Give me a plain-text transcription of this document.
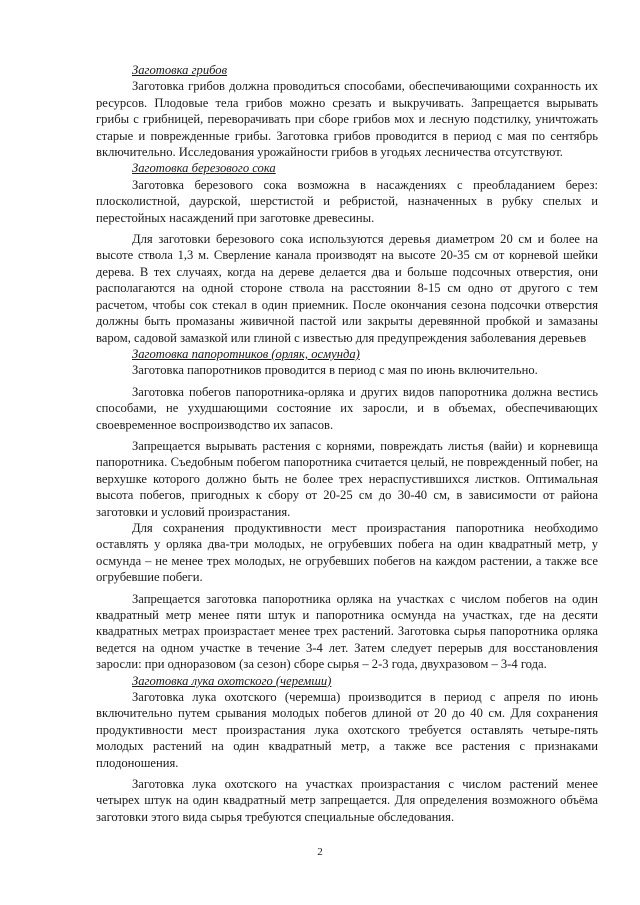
Заготовка грибов

Заготовка грибов должна проводиться способами, обеспечивающими сохранность их ресурсов. Плодовые тела грибов можно срезать и выкручивать. Запрещается вырывать грибы с грибницей, переворачивать при сборе грибов мох и лесную подстилку, уничтожать старые и поврежденные грибы. Заготовка грибов проводится в период с мая по сентябрь включительно. Исследования урожайности грибов в угодьях лесничества отсутствуют.

Заготовка березового сока

Заготовка березового сока возможна в насаждениях с преобладанием берез: плосколистной, даурской, шерстистой и ребристой, назначенных в рубку спелых и перестойных насаждений при заготовке древесины.

Для заготовки березового сока используются деревья диаметром 20 см и более на высоте ствола 1,3 м. Сверление канала производят на высоте 20-35 см от корневой шейки дерева. В тех случаях, когда на дереве делается два и больше подсочных отверстия, они располагаются на одной стороне ствола на расстоянии 8-15 см одно от другого с тем расчетом, чтобы сок стекал в один приемник. После окончания сезона подсочки отверстия должны быть промазаны живичной пастой или закрыты деревянной пробкой и замазаны варом, садовой замазкой или глиной с известью для предупреждения заболевания деревьев

Заготовка папоротников (орляк, осмунда)

Заготовка папоротников проводится в период с мая по июнь включительно.

Заготовка побегов папоротника-орляка и других видов папоротника должна вестись способами, не ухудшающими состояние их заросли, и в объемах, обеспечивающих своевременное воспроизводство их запасов.

Запрещается вырывать растения с корнями, повреждать листья (вайи) и корневища папоротника. Съедобным побегом папоротника считается целый, не поврежденный побег, на верхушке которого должно быть не более трех нераспустившихся листков. Оптимальная высота побегов, пригодных к сбору от 20-25 см до 30-40 см, в зависимости от района заготовки и условий произрастания.

Для сохранения продуктивности мест произрастания папоротника необходимо оставлять у орляка два-три молодых, не огрубевших побега на один квадратный метр, у осмунда – не менее трех молодых, не огрубевших побегов на каждом растении, а также все огрубевшие побеги.

Запрещается заготовка папоротника орляка на участках с числом побегов на один квадратный метр менее пяти штук и папоротника осмунда на участках, где на десяти квадратных метрах произрастает менее трех растений. Заготовка сырья папоротника орляка ведется на одном участке в течение 3-4 лет. Затем следует перерыв для восстановления заросли: при одноразовом (за сезон) сборе сырья – 2-3 года, двухразовом – 3-4 года.

Заготовка лука охотского (черемши)

Заготовка лука охотского (черемша) производится в период с апреля по июнь включительно путем срывания молодых побегов длиной от 20 до 40 см. Для сохранения продуктивности мест произрастания лука охотского требуется оставлять четыре-пять молодых растений на один квадратный метр, а также все растения с признаками плодоношения.

Заготовка лука охотского на участках произрастания с числом растений менее четырех штук на один квадратный метр запрещается. Для определения возможного объёма заготовки этого вида сырья требуются специальные обследования.

2
